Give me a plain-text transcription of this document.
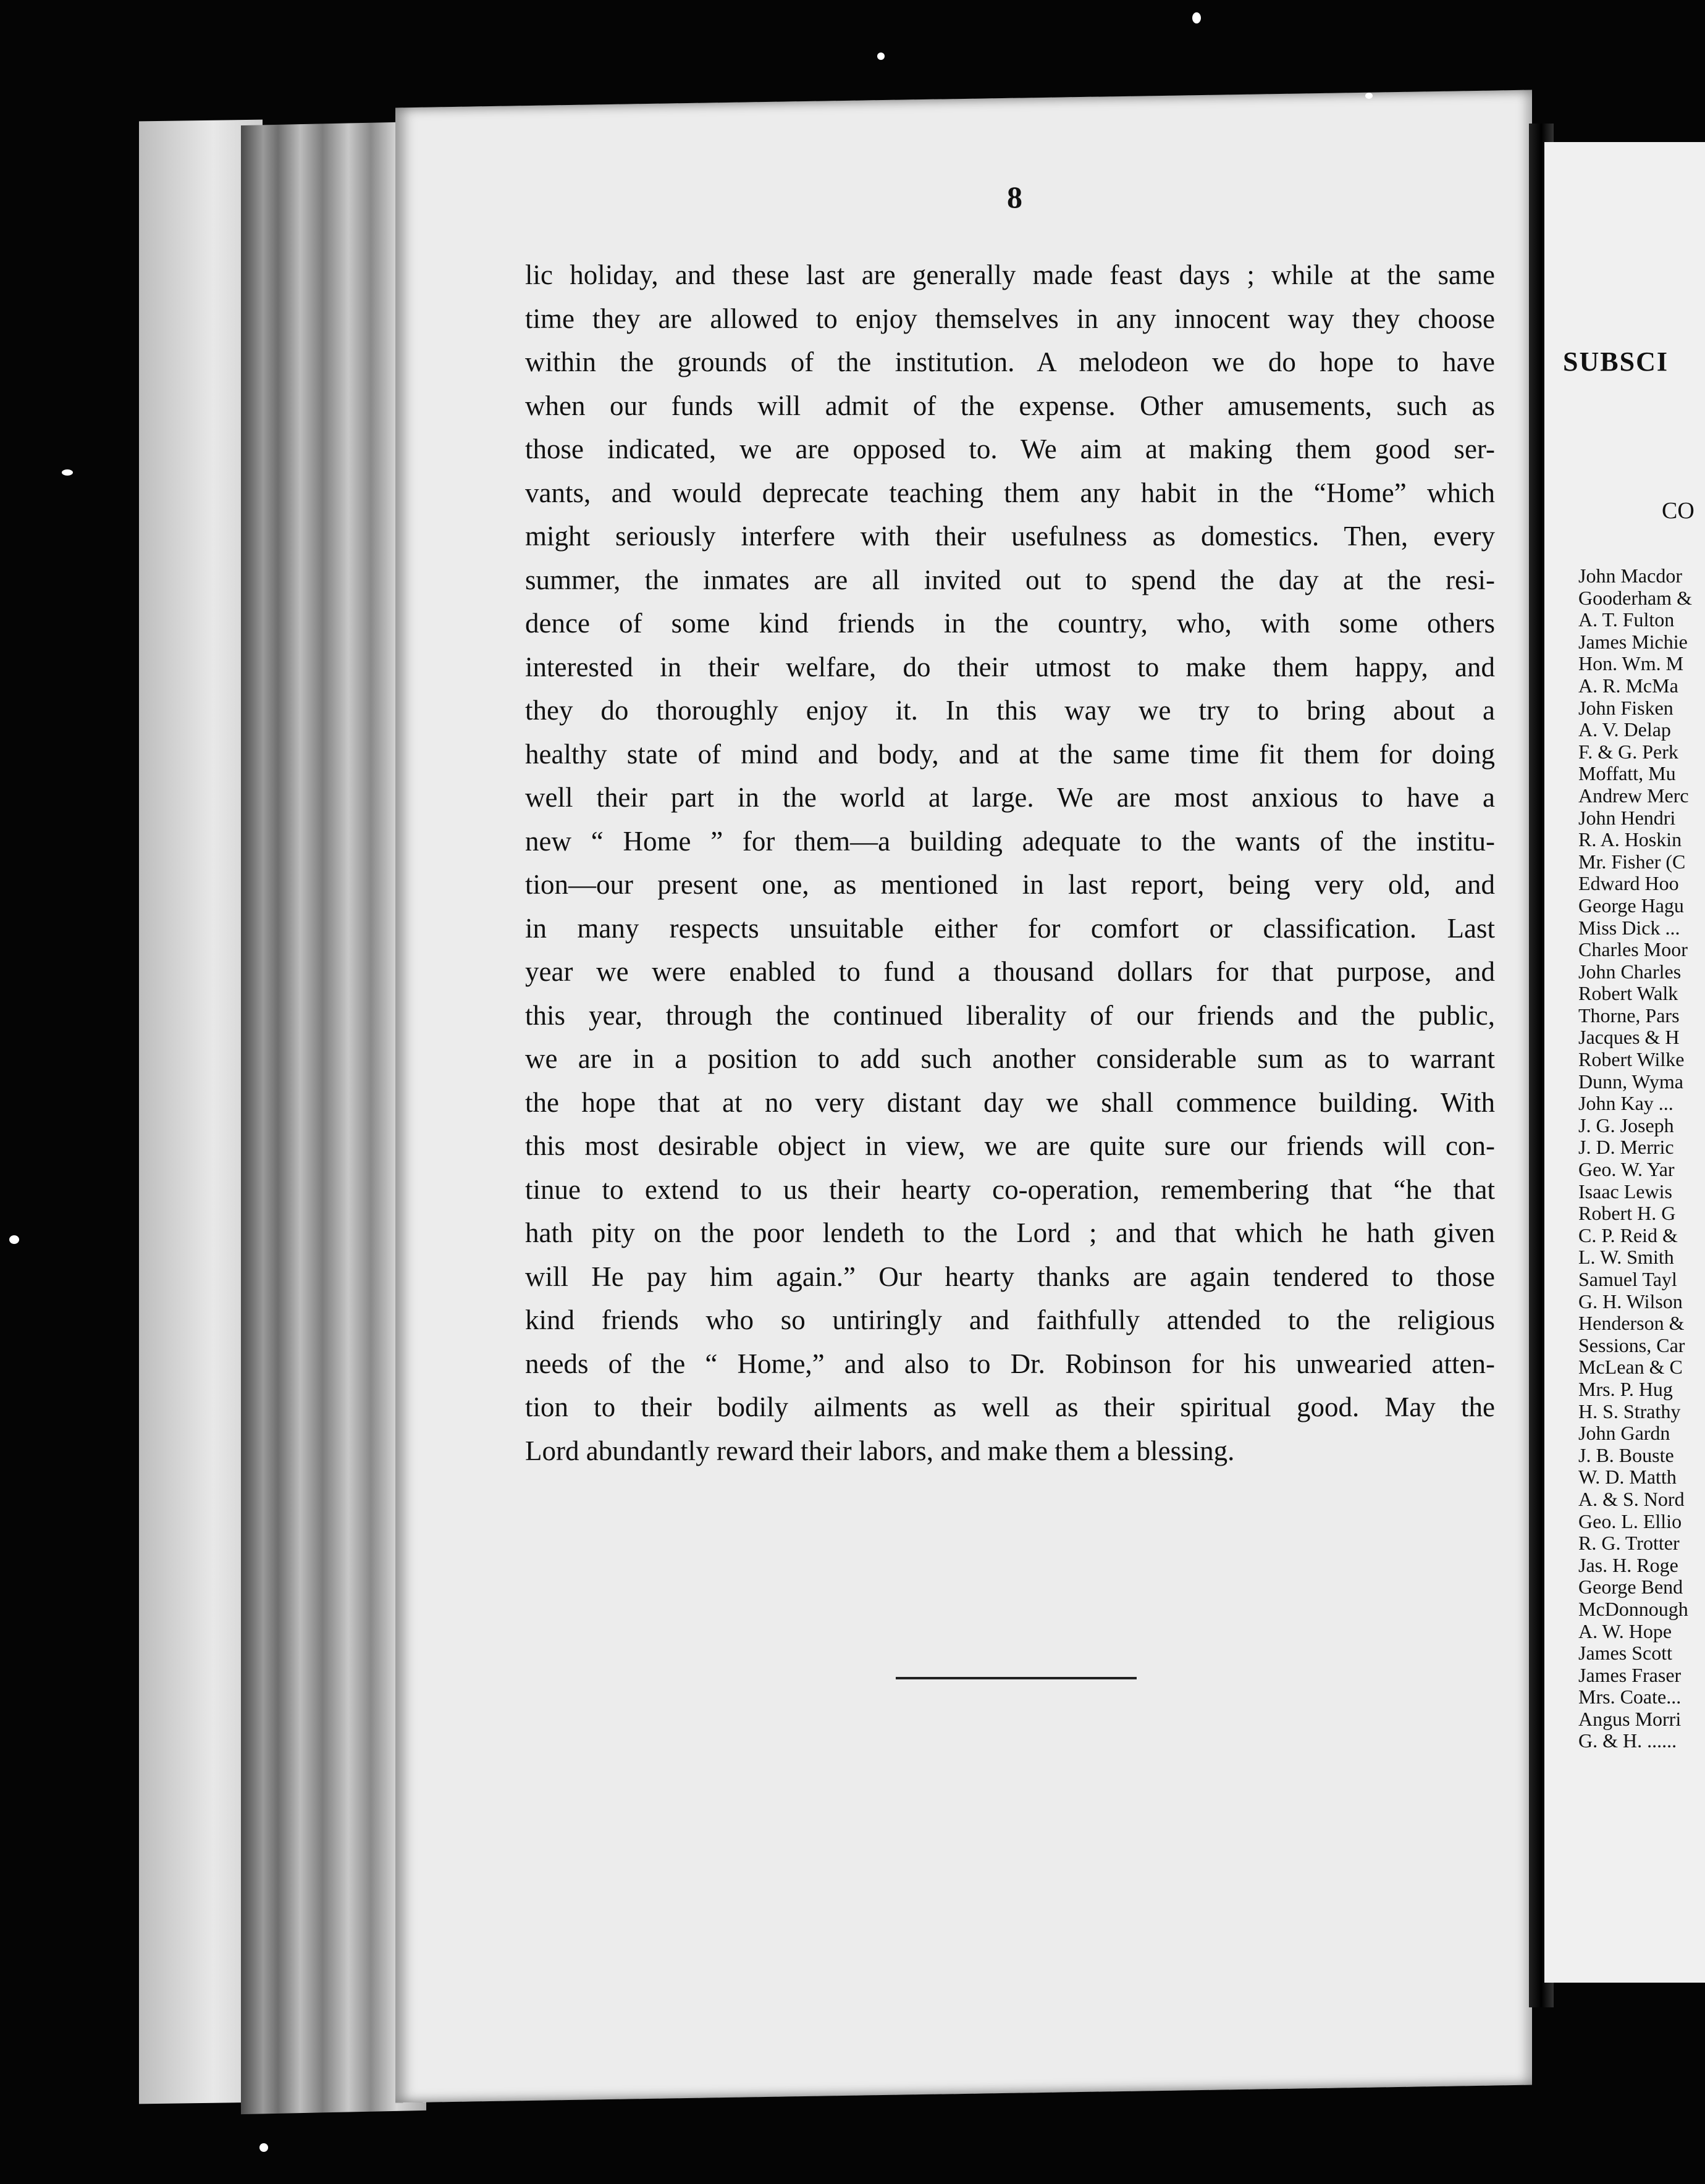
8
lic holiday, and these last are generally made feast days ; while at the same
time they are allowed to enjoy themselves in any innocent way they choose
within the grounds of the institution. A melodeon we do hope to have
when our funds will admit of the expense. Other amusements, such as
those indicated, we are opposed to. We aim at making them good ser-
vants, and would deprecate teaching them any habit in the “Home” which
might seriously interfere with their usefulness as domestics. Then, every
summer, the inmates are all invited out to spend the day at the resi-
dence of some kind friends in the country, who, with some others
interested in their welfare, do their utmost to make them happy, and
they do thoroughly enjoy it. In this way we try to bring about a
healthy state of mind and body, and at the same time fit them for doing
well their part in the world at large. We are most anxious to have a
new “ Home ” for them—a building adequate to the wants of the institu-
tion—our present one, as mentioned in last report, being very old, and
in many respects unsuitable either for comfort or classification. Last
year we were enabled to fund a thousand dollars for that purpose, and
this year, through the continued liberality of our friends and the public,
we are in a position to add such another considerable sum as to warrant
the hope that at no very distant day we shall commence building. With
this most desirable object in view, we are quite sure our friends will con-
tinue to extend to us their hearty co-operation, remembering that “he that
hath pity on the poor lendeth to the Lord ; and that which he hath given
will He pay him again.” Our hearty thanks are again tendered to those
kind friends who so untiringly and faithfully attended to the religious
needs of the “ Home,” and also to Dr. Robinson for his unwearied atten-
tion to their bodily ailments as well as their spiritual good. May the
Lord abundantly reward their labors, and make them a blessing.
SUBSCI
CO
John Macdor
Gooderham &
A. T. Fulton
James Michie
Hon. Wm. M
A. R. McMa
John Fisken
A. V. Delap
F. & G. Perk
Moffatt, Mu
Andrew Merc
John Hendri
R. A. Hoskin
Mr. Fisher (C
Edward Hoo
George Hagu
Miss Dick ...
Charles Moor
John Charles
Robert Walk
Thorne, Pars
Jacques & H
Robert Wilke
Dunn, Wyma
John Kay ...
J. G. Joseph
J. D. Merric
Geo. W. Yar
Isaac Lewis
Robert H. G
C. P. Reid &
L. W. Smith
Samuel Tayl
G. H. Wilson
Henderson &
Sessions, Car
McLean & C
Mrs. P. Hug
H. S. Strathy
John Gardn
J. B. Bouste
W. D. Matth
A. & S. Nord
Geo. L. Ellio
R. G. Trotter
Jas. H. Roge
George Bend
McDonnough
A. W. Hope
James Scott
James Fraser
Mrs. Coate...
Angus Morri
G. & H. ......
